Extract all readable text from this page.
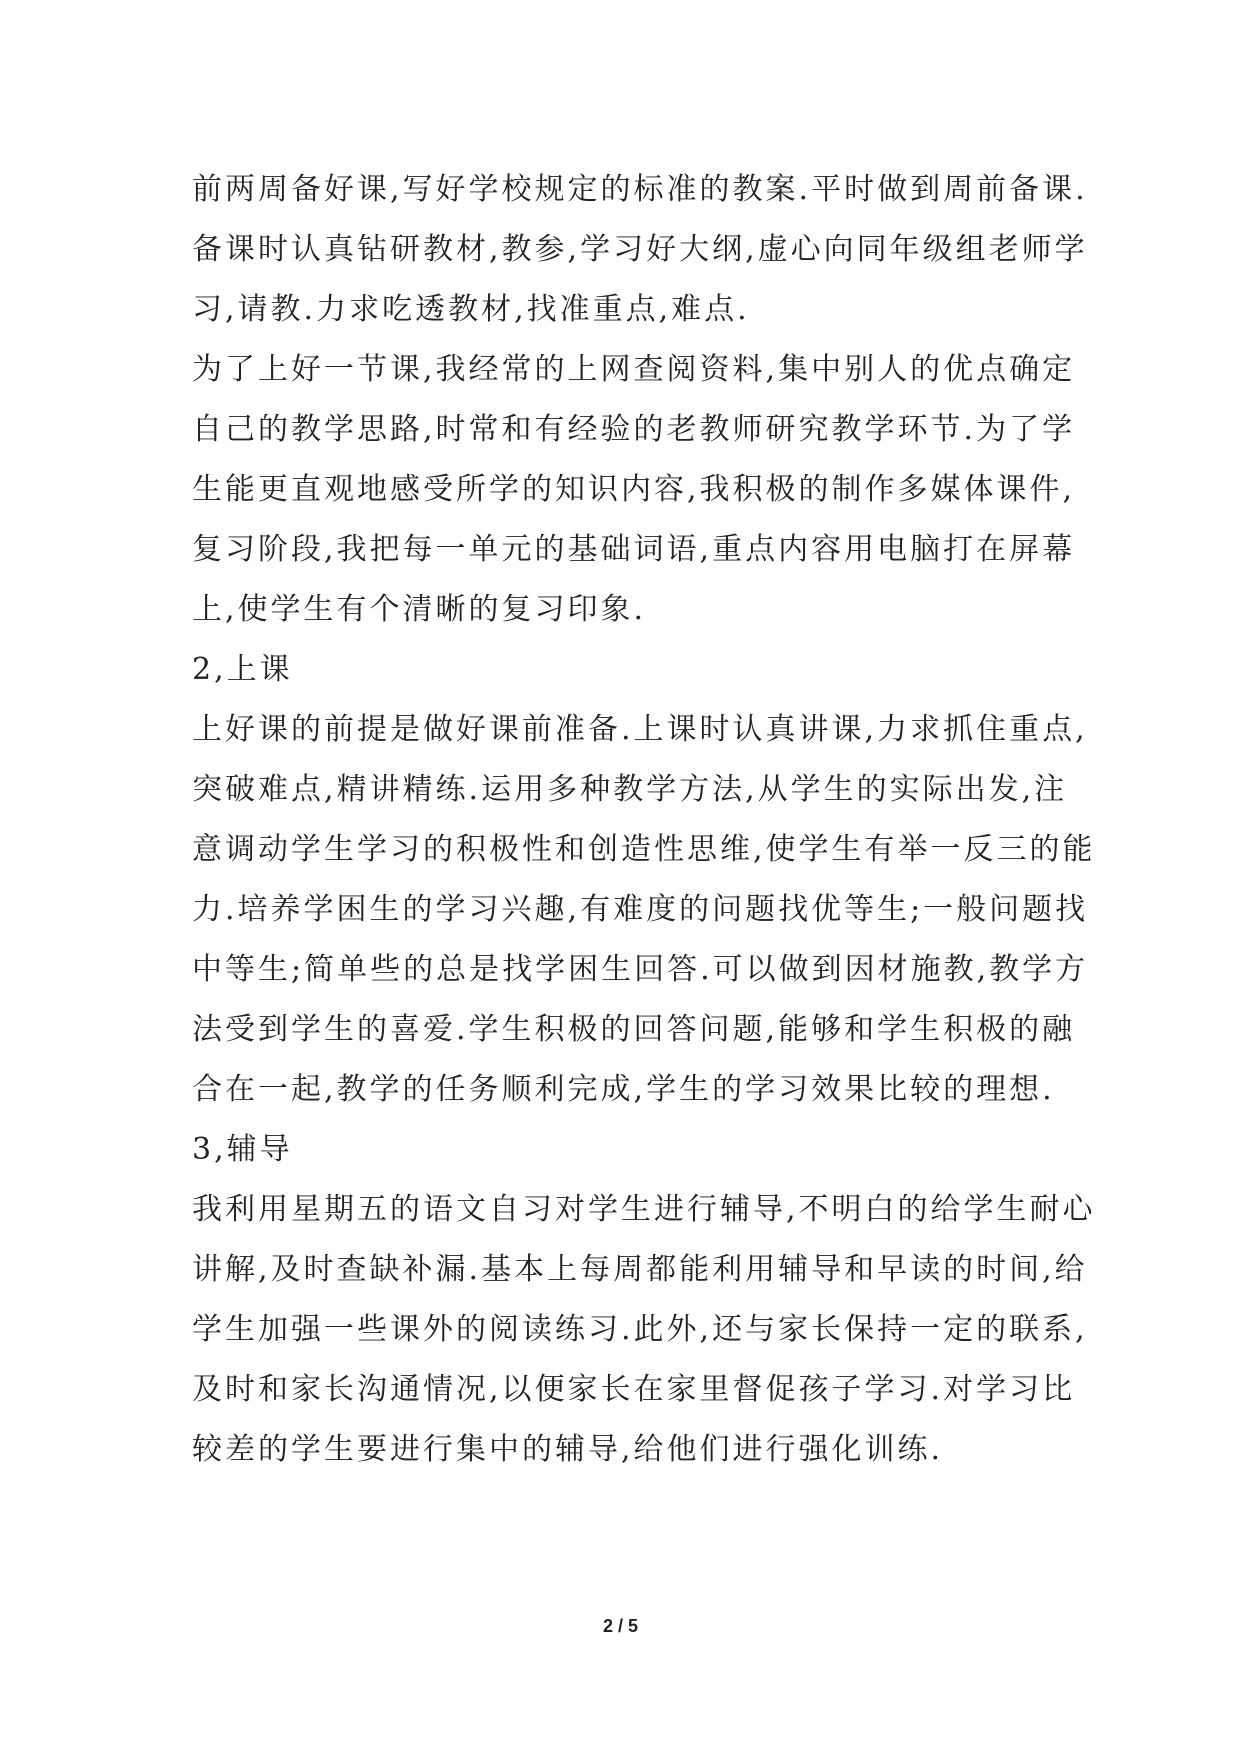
前两周备好课,写好学校规定的标准的教案.平时做到周前备课.
备课时认真钻研教材,教参,学习好大纲,虚心向同年级组老师学
习,请教.力求吃透教材,找准重点,难点.
为了上好一节课,我经常的上网查阅资料,集中别人的优点确定
自己的教学思路,时常和有经验的老教师研究教学环节.为了学
生能更直观地感受所学的知识内容,我积极的制作多媒体课件,
复习阶段,我把每一单元的基础词语,重点内容用电脑打在屏幕
上,使学生有个清晰的复习印象.
2,上课
上好课的前提是做好课前准备.上课时认真讲课,力求抓住重点,
突破难点,精讲精练.运用多种教学方法,从学生的实际出发,注
意调动学生学习的积极性和创造性思维,使学生有举一反三的能
力.培养学困生的学习兴趣,有难度的问题找优等生;一般问题找
中等生;简单些的总是找学困生回答.可以做到因材施教,教学方
法受到学生的喜爱.学生积极的回答问题,能够和学生积极的融
合在一起,教学的任务顺利完成,学生的学习效果比较的理想.
3,辅导
我利用星期五的语文自习对学生进行辅导,不明白的给学生耐心
讲解,及时查缺补漏.基本上每周都能利用辅导和早读的时间,给
学生加强一些课外的阅读练习.此外,还与家长保持一定的联系,
及时和家长沟通情况,以便家长在家里督促孩子学习.对学习比
较差的学生要进行集中的辅导,给他们进行强化训练.
2 / 5
